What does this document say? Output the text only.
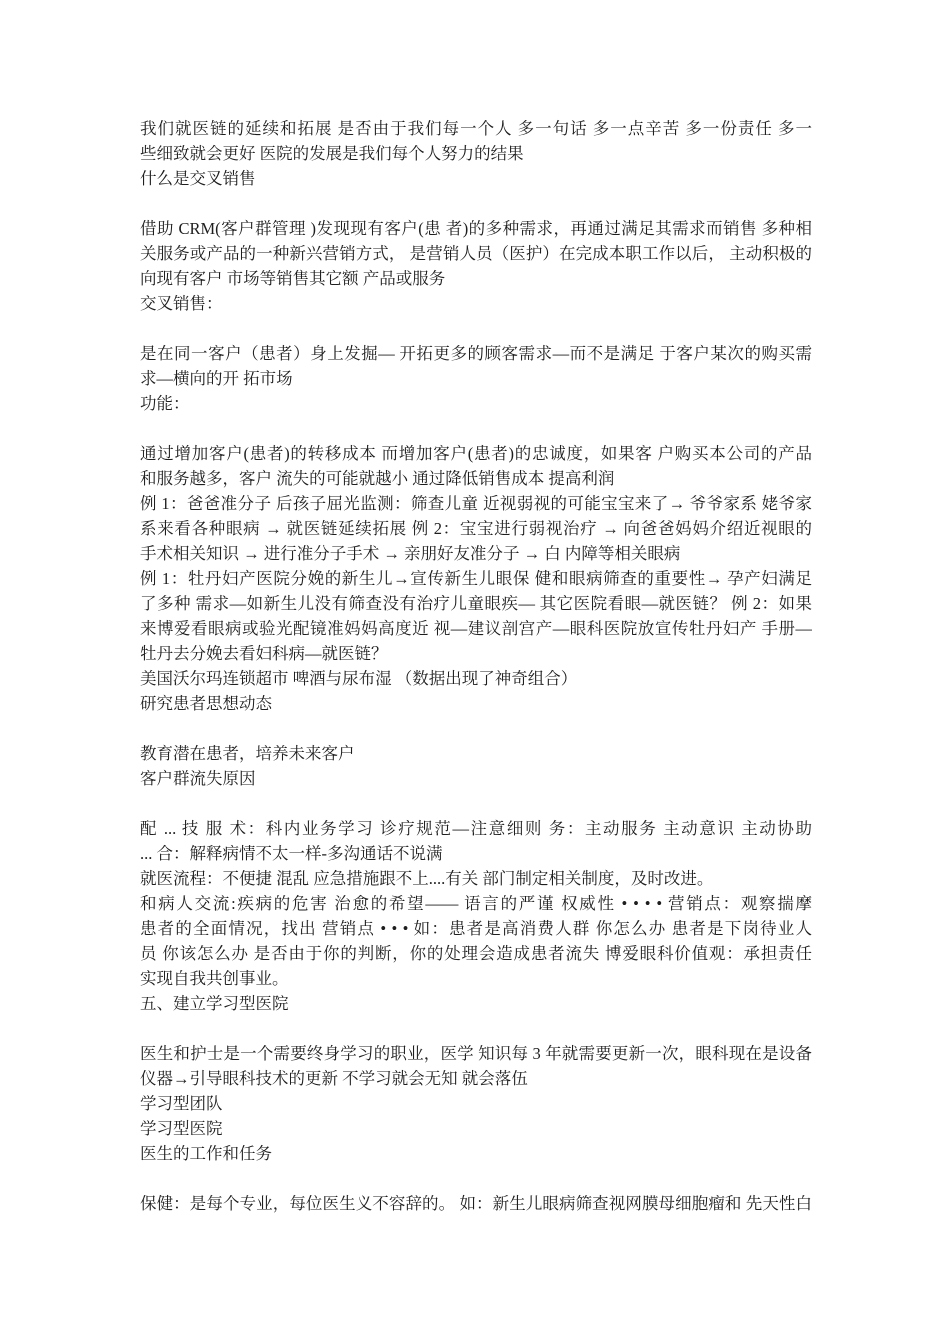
我们就医链的延续和拓展 是否由于我们每一个人 多一句话 多一点辛苦 多一份责任 多一
些细致就会更好 医院的发展是我们每个人努力的结果
什么是交叉销售
借助 CRM(客户群管理 )发现现有客户(患 者)的多种需求，再通过满足其需求而销售 多种相
关服务或产品的一种新兴营销方式， 是营销人员（医护）在完成本职工作以后， 主动积极的
向现有客户 市场等销售其它额 产品或服务
交叉销售：
是在同一客户（患者）身上发掘— 开拓更多的顾客需求—而不是满足 于客户某次的购买需
求—横向的开 拓市场
功能：
通过增加客户(患者)的转移成本 而增加客户(患者)的忠诚度，如果客 户购买本公司的产品
和服务越多，客户 流失的可能就越小 通过降低销售成本 提高利润
例 1：爸爸准分子 后孩子屈光监测：筛查儿童 近视弱视的可能宝宝来了→ 爷爷家系 姥爷家
系来看各种眼病 → 就医链延续拓展 例 2：宝宝进行弱视治疗 → 向爸爸妈妈介绍近视眼的
手术相关知识 → 进行准分子手术 → 亲朋好友准分子 → 白 内障等相关眼病
例 1：牡丹妇产医院分娩的新生儿→宣传新生儿眼保 健和眼病筛查的重要性→ 孕产妇满足
了多种 需求—如新生儿没有筛查没有治疗儿童眼疾— 其它医院看眼—就医链？ 例 2：如果
来博爱看眼病或验光配镜准妈妈高度近 视—建议剖宫产—眼科医院放宣传牡丹妇产 手册—
牡丹去分娩去看妇科病—就医链？
美国沃尔玛连锁超市 啤酒与尿布湿 （数据出现了神奇组合）
研究患者思想动态
教育潜在患者，培养未来客户
客户群流失原因
配 ... 技 服 术：科内业务学习 诊疗规范—注意细则 务：主动服务 主动意识 主动协助
... 合：解释病情不太一样-多沟通话不说满
就医流程：不便捷 混乱 应急措施跟不上....有关 部门制定相关制度，及时改进。
和病人交流:疾病的危害 治愈的希望—— 语言的严谨 权威性 • • • • 营销点：观察揣摩
患者的全面情况，找出 营销点 • • • 如：患者是高消费人群 你怎么办 患者是下岗待业人
员 你该怎么办 是否由于你的判断，你的处理会造成患者流失 博爱眼科价值观：承担责任
实现自我共创事业。
五、建立学习型医院
医生和护士是一个需要终身学习的职业，医学 知识每 3 年就需要更新一次，眼科现在是设备
仪器→引导眼科技术的更新 不学习就会无知 就会落伍
学习型团队
学习型医院
医生的工作和任务
保健：是每个专业，每位医生义不容辞的。 如：新生儿眼病筛查视网膜母细胞瘤和 先天性白
